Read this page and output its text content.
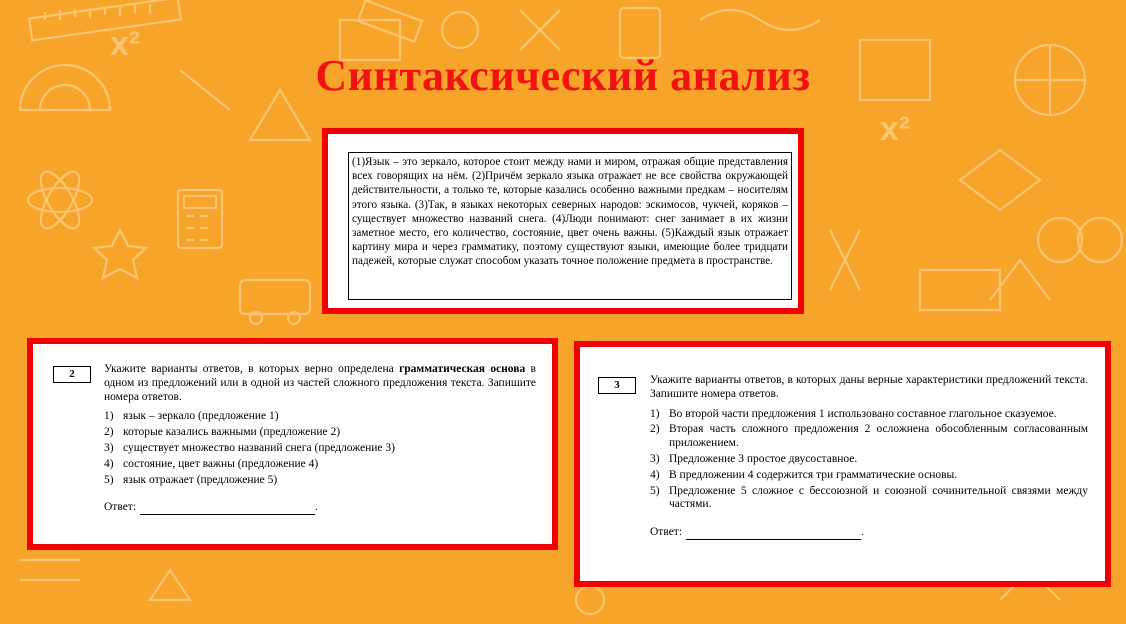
x²
x²
Синтаксический анализ
(1)Язык – это зеркало, которое стоит между нами и миром, отражая общие представления всех говорящих на нём. (2)Причём зеркало языка отражает не все свойства окружающей действительности, а только те, которые казались особенно важными предкам – носителям этого языка. (3)Так, в языках некоторых северных народов: эскимосов, чукчей, коряков – существует множество названий снега. (4)Люди понимают: снег занимает в их жизни заметное место, его количество, состояние, цвет очень важны. (5)Каждый язык отражает картину мира и через грамматику, поэтому существуют языки, имеющие более тридцати падежей, которые служат способом указать точное положение предмета в пространстве.
2	Укажите варианты ответов, в которых верно определена грамматическая основа в одном из предложений или в одной из частей сложного предложения текста. Запишите номера ответов.
1) язык – зеркало (предложение 1)
2) которые казались важными (предложение 2)
3) существует множество названий снега (предложение 3)
4) состояние, цвет важны (предложение 4)
5) язык отражает (предложение 5)
Ответ:	.
3	Укажите варианты ответов, в которых даны верные характеристики предложений текста. Запишите номера ответов.
1) Во второй части предложения 1 использовано составное глагольное сказуемое.
2) Вторая часть сложного предложения 2 осложнена обособленным согласованным приложением.
3) Предложение 3 простое двусоставное.
4) В предложении 4 содержится три грамматические основы.
5) Предложение 5 сложное с бессоюзной и союзной сочинительной связями между частями.
Ответ:	.
